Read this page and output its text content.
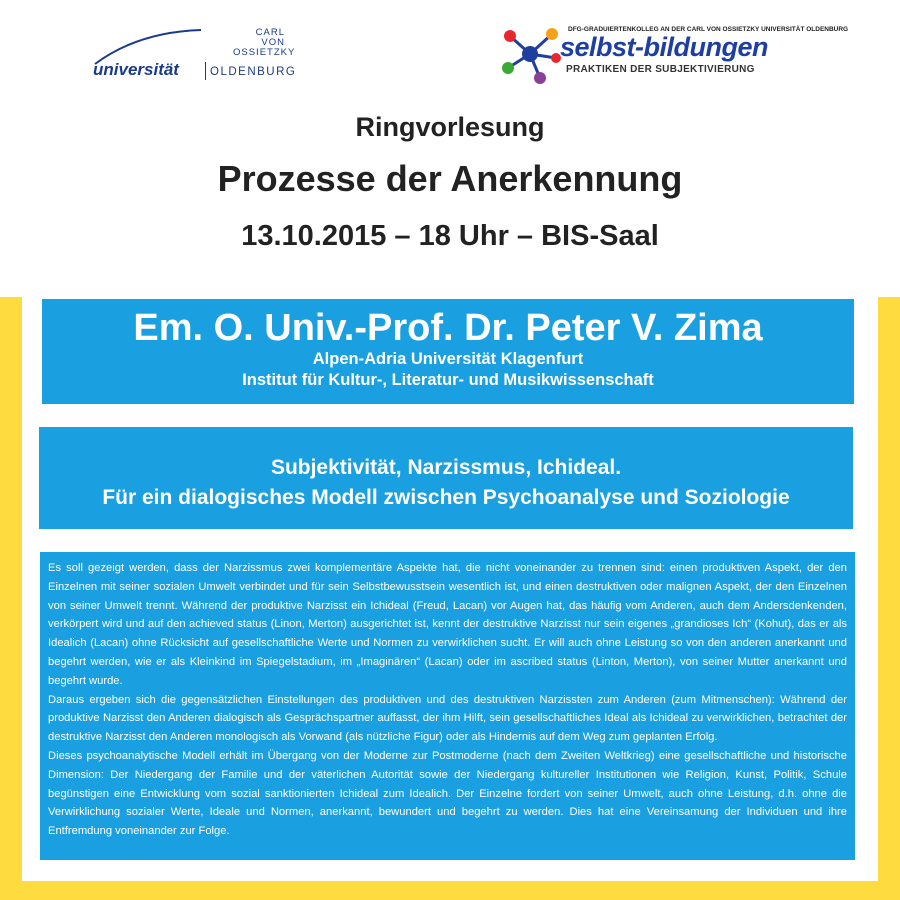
CARL
VON
OSSIETZKY
universität	OLDENBURG
DFG-GRADUIERTENKOLLEG AN DER CARL VON OSSIETZKY UNIVERSITÄT OLDENBURG
selbst-bildungen
PRAKTIKEN DER SUBJEKTIVIERUNG
Ringvorlesung
Prozesse der Anerkennung
13.10.2015 – 18 Uhr – BIS-Saal
Em. O. Univ.-Prof. Dr. Peter V. Zima
Alpen-Adria Universität Klagenfurt
Institut für Kultur-, Literatur- und Musikwissenschaft
Subjektivität, Narzissmus, Ichideal.
Für ein dialogisches Modell zwischen Psychoanalyse und Soziologie

Es soll gezeigt werden, dass der Narzissmus zwei komplementäre Aspekte hat, die nicht voneinander zu trennen sind: einen produktiven Aspekt, der den Einzelnen mit seiner sozialen Umwelt verbindet und für sein Selbstbewusstsein wesentlich ist, und einen destruktiven oder malignen Aspekt, der den Einzelnen von seiner Umwelt trennt. Während der produktive Narzisst ein Ichideal (Freud, Lacan) vor Augen hat, das häufig vom Anderen, auch dem Andersdenkenden, verkörpert wird und auf den achieved status (Linon, Merton) ausgerichtet ist, kennt der destruktive Narzisst nur sein eigenes „grandioses Ich“ (Kohut), das er als Idealich (Lacan) ohne Rücksicht auf gesellschaftliche Werte und Normen zu verwirklichen sucht. Er will auch ohne Leistung so von den anderen anerkannt und begehrt werden, wie er als Kleinkind im Spiegelstadium, im „Imaginären“ (Lacan) oder im ascribed status (Linton, Merton), von seiner Mutter anerkannt und begehrt wurde.

Daraus ergeben sich die gegensätzlichen Einstellungen des produktiven und des destruktiven Narzissten zum Anderen (zum Mitmenschen): Während der produktive Narzisst den Anderen dialogisch als Gesprächspartner auffasst, der ihm Hilft, sein gesellschaftliches Ideal als Ichideal zu verwirklichen, betrachtet der destruktive Narzisst den Anderen monologisch als Vorwand (als nützliche Figur) oder als Hindernis auf dem Weg zum geplanten Erfolg.

Dieses psychoanalytische Modell erhält im Übergang von der Moderne zur Postmoderne (nach dem Zweiten Weltkrieg) eine gesellschaftliche und historische Dimension: Der Niedergang der Familie und der väterlichen Autorität sowie der Niedergang kultureller Institutionen wie Religion, Kunst, Politik, Schule begünstigen eine Entwicklung vom sozial sanktionierten Ichideal zum Idealich. Der Einzelne fordert von seiner Umwelt, auch ohne Leistung, d.h. ohne die Verwirklichung sozialer Werte, Ideale und Normen, anerkannt, bewundert und begehrt zu werden. Dies hat eine Vereinsamung der Individuen und ihre Entfremdung voneinander zur Folge.
